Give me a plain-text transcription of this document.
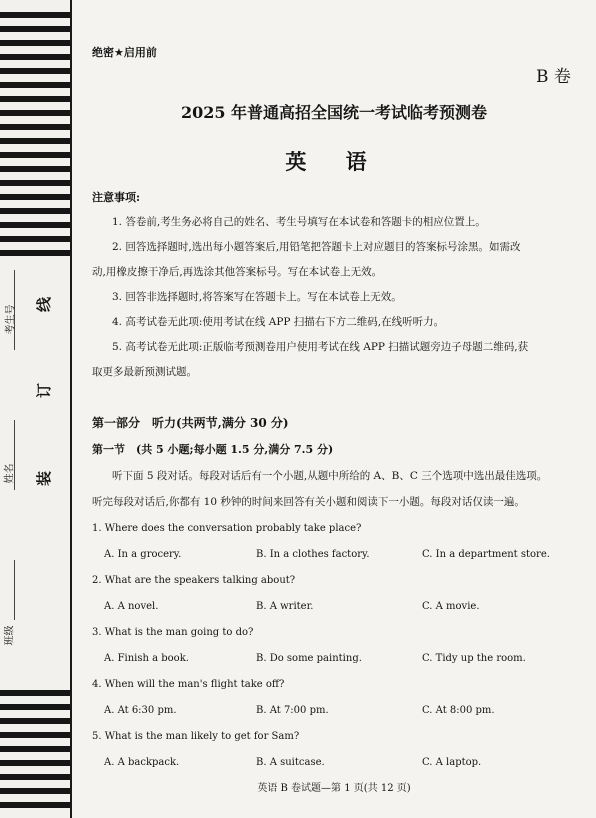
考生号
姓名
班级
线
订
装
绝密★启用前
B 卷
2025 年普通高招全国统一考试临考预测卷
英 语
注意事项:
1. 答卷前,考生务必将自己的姓名、考生号填写在本试卷和答题卡的相应位置上。
2. 回答选择题时,选出每小题答案后,用铅笔把答题卡上对应题目的答案标号涂黑。如需改
动,用橡皮擦干净后,再选涂其他答案标号。写在本试卷上无效。
3. 回答非选择题时,将答案写在答题卡上。写在本试卷上无效。
4. 高考试卷无此项:使用考试在线 APP 扫描右下方二维码,在线听听力。
5. 高考试卷无此项:正版临考预测卷用户使用考试在线 APP 扫描试题旁边子母题二维码,获
取更多最新预测试题。
第一部分　听力(共两节,满分 30 分)
第一节　(共 5 小题;每小题 1.5 分,满分 7.5 分)
听下面 5 段对话。每段对话后有一个小题,从题中所给的 A、B、C 三个选项中选出最佳选项。
听完每段对话后,你都有 10 秒钟的时间来回答有关小题和阅读下一小题。每段对话仅读一遍。
1. Where does the conversation probably take place?
A. In a grocery.	B. In a clothes factory.	C. In a department store.
2. What are the speakers talking about?
A. A novel.	B. A writer.	C. A movie.
3. What is the man going to do?
A. Finish a book.	B. Do some painting.	C. Tidy up the room.
4. When will the man's flight take off?
A. At 6:30 pm.	B. At 7:00 pm.	C. At 8:00 pm.
5. What is the man likely to get for Sam?
A. A backpack.	B. A suitcase.	C. A laptop.
英语 B 卷试题—第 1 页(共 12 页)
